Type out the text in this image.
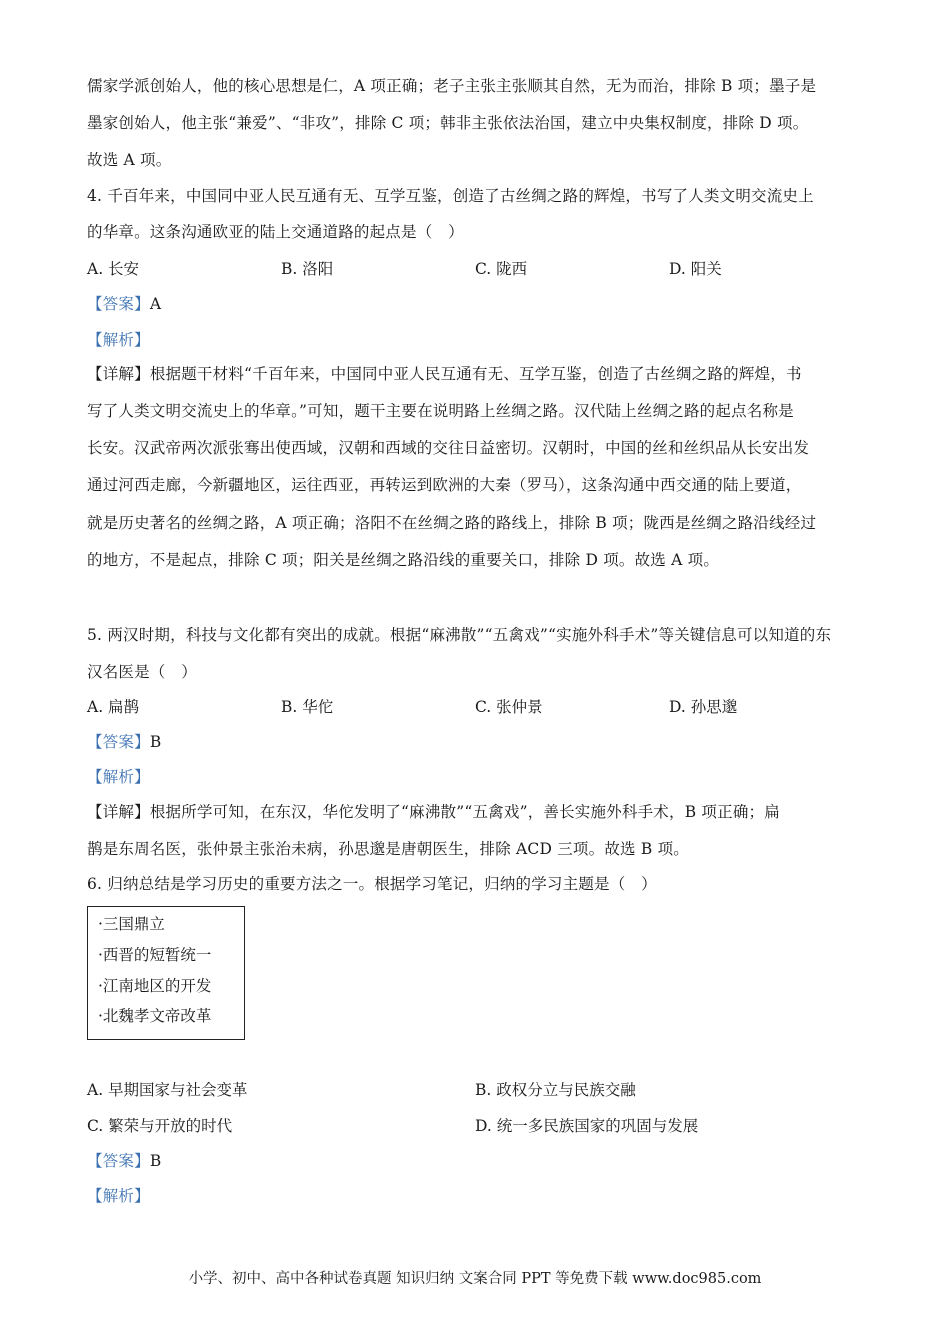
儒家学派创始人，他的核心思想是仁，A 项正确；老子主张主张顺其自然，无为而治，排除 B 项；墨子是
墨家创始人，他主张“兼爱”、“非攻”，排除 C 项；韩非主张依法治国，建立中央集权制度，排除 D 项。
故选 A 项。
4. 千百年来，中国同中亚人民互通有无、互学互鉴，创造了古丝绸之路的辉煌，书写了人类文明交流史上
的华章。这条沟通欧亚的陆上交通道路的起点是（　）
A. 长安	B. 洛阳	C. 陇西	D. 阳关
【答案】A
【解析】
【详解】根据题干材料“千百年来，中国同中亚人民互通有无、互学互鉴，创造了古丝绸之路的辉煌，书
写了人类文明交流史上的华章。”可知，题干主要在说明路上丝绸之路。汉代陆上丝绸之路的起点名称是
长安。汉武帝两次派张骞出使西域，汉朝和西域的交往日益密切。汉朝时，中国的丝和丝织品从长安出发
通过河西走廊，今新疆地区，运往西亚，再转运到欧洲的大秦（罗马），这条沟通中西交通的陆上要道，
就是历史著名的丝绸之路，A 项正确；洛阳不在丝绸之路的路线上，排除 B 项；陇西是丝绸之路沿线经过
的地方，不是起点，排除 C 项；阳关是丝绸之路沿线的重要关口，排除 D 项。故选 A 项。
5. 两汉时期，科技与文化都有突出的成就。根据“麻沸散”“五禽戏”“实施外科手术”等关键信息可以知道的东
汉名医是（　）
A. 扁鹊	B. 华佗	C. 张仲景	D. 孙思邈
【答案】B
【解析】
【详解】根据所学可知，在东汉，华佗发明了“麻沸散”“五禽戏”，善长实施外科手术，B 项正确；扁
鹊是东周名医，张仲景主张治未病，孙思邈是唐朝医生，排除 ACD 三项。故选 B 项。
6. 归纳总结是学习历史的重要方法之一。根据学习笔记，归纳的学习主题是（　）
·三国鼎立
·西晋的短暂统一
·江南地区的开发
·北魏孝文帝改革
A. 早期国家与社会变革	B. 政权分立与民族交融
C. 繁荣与开放的时代	D. 统一多民族国家的巩固与发展
【答案】B
【解析】
小学、初中、高中各种试卷真题 知识归纳 文案合同 PPT 等免费下载 www.doc985.com
